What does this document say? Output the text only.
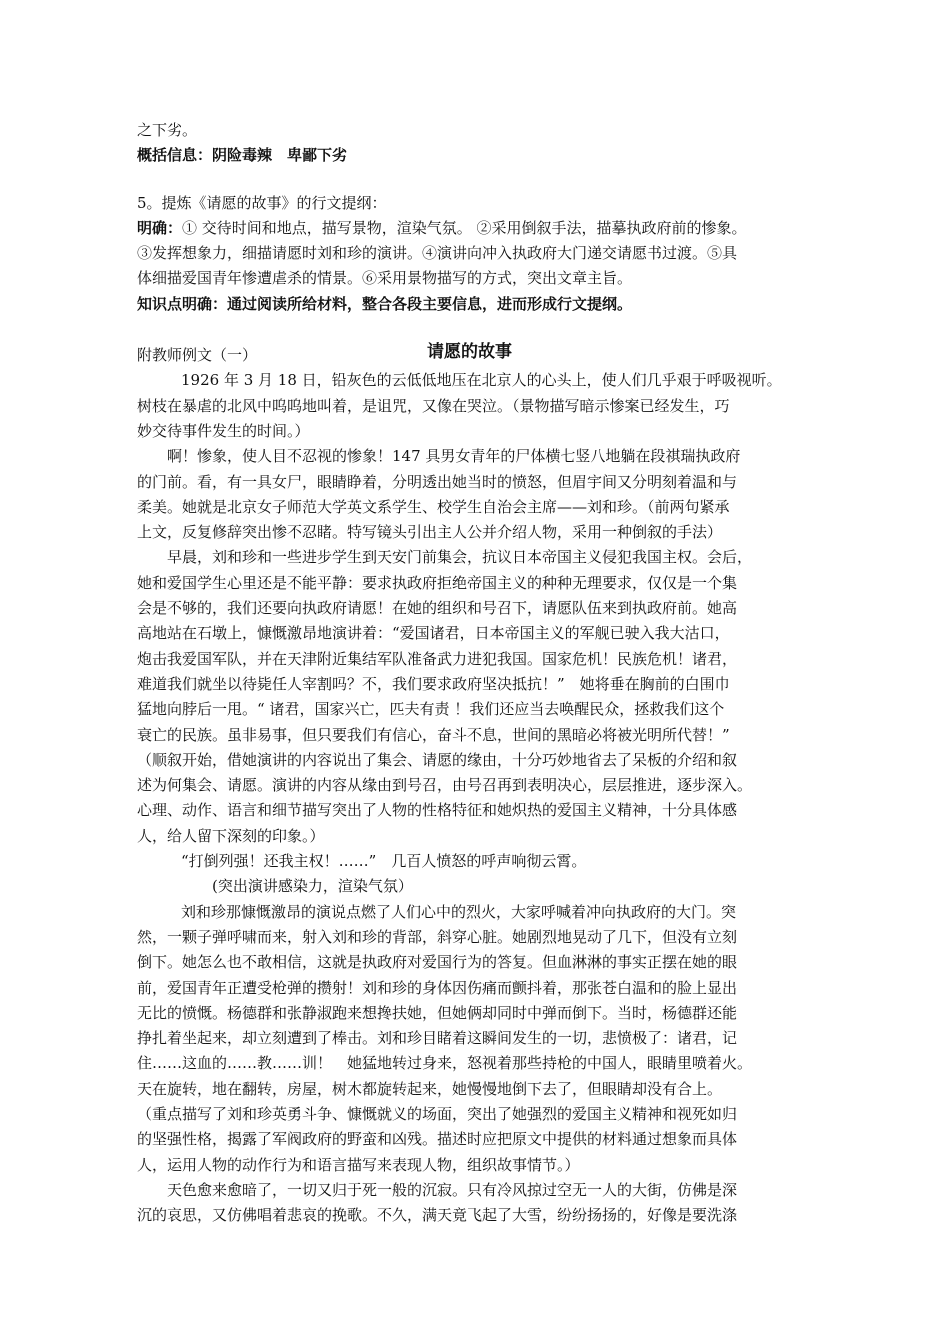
之下劣。
概括信息：阴险毒辣　卑鄙下劣
5。提炼《请愿的故事》的行文提纲：
明确：① 交待时间和地点，描写景物，渲染气氛。 ②采用倒叙手法，描摹执政府前的惨象。
③发挥想象力，细描请愿时刘和珍的演讲。④演讲向冲入执政府大门递交请愿书过渡。⑤具
体细描爱国青年惨遭虐杀的情景。⑥采用景物描写的方式，突出文章主旨。
知识点明确：通过阅读所给材料，整合各段主要信息，进而形成行文提纲。
附教师例文（一）	请愿的故事
1926 年 3 月 18 日，铅灰色的云低低地压在北京人的心头上，使人们几乎艰于呼吸视听。
树枝在暴虐的北风中呜呜地叫着，是诅咒，又像在哭泣。（景物描写暗示惨案已经发生，巧
妙交待事件发生的时间。）
啊！惨象，使人目不忍视的惨象！147 具男女青年的尸体横七竖八地躺在段祺瑞执政府
的门前。看，有一具女尸，眼睛睁着，分明透出她当时的愤怒，但眉宇间又分明刻着温和与
柔美。她就是北京女子师范大学英文系学生、校学生自治会主席——刘和珍。（前两句紧承
上文，反复修辞突出惨不忍睹。特写镜头引出主人公并介绍人物，采用一种倒叙的手法）
早晨，刘和珍和一些进步学生到天安门前集会，抗议日本帝国主义侵犯我国主权。会后，
她和爱国学生心里还是不能平静：要求执政府拒绝帝国主义的种种无理要求，仅仅是一个集
会是不够的，我们还要向执政府请愿！在她的组织和号召下，请愿队伍来到执政府前。她高
高地站在石墩上，慷慨激昂地演讲着：“爱国诸君，日本帝国主义的军舰已驶入我大沽口，
炮击我爱国军队，并在天津附近集结军队准备武力进犯我国。国家危机！民族危机！诸君，
难道我们就坐以待毙任人宰割吗？不，我们要求政府坚决抵抗！”　她将垂在胸前的白围巾
猛地向脖后一甩。“ 诸君，国家兴亡，匹夫有责 ！我们还应当去唤醒民众，拯救我们这个
衰亡的民族。虽非易事，但只要我们有信心，奋斗不息，世间的黑暗必将被光明所代替！”
（顺叙开始，借她演讲的内容说出了集会、请愿的缘由，十分巧妙地省去了呆板的介绍和叙
述为何集会、请愿。演讲的内容从缘由到号召，由号召再到表明决心，层层推进，逐步深入。
心理、动作、语言和细节描写突出了人物的性格特征和她炽热的爱国主义精神，十分具体感
人，给人留下深刻的印象。）
“打倒列强！还我主权！……”　几百人愤怒的呼声响彻云霄。
(突出演讲感染力，渲染气氛）
刘和珍那慷慨激昂的演说点燃了人们心中的烈火，大家呼喊着冲向执政府的大门。突
然，一颗子弹呼啸而来，射入刘和珍的背部，斜穿心脏。她剧烈地晃动了几下，但没有立刻
倒下。她怎么也不敢相信，这就是执政府对爱国行为的答复。但血淋淋的事实正摆在她的眼
前，爱国青年正遭受枪弹的攒射！刘和珍的身体因伤痛而颤抖着，那张苍白温和的脸上显出
无比的愤慨。杨德群和张静淑跑来想搀扶她，但她俩却同时中弹而倒下。当时，杨德群还能
挣扎着坐起来，却立刻遭到了棒击。刘和珍目睹着这瞬间发生的一切，悲愤极了：诸君，记
住……这血的……教……训！　她猛地转过身来，怒视着那些持枪的中国人，眼睛里喷着火。
天在旋转，地在翻转，房屋，树木都旋转起来，她慢慢地倒下去了，但眼睛却没有合上。
（重点描写了刘和珍英勇斗争、慷慨就义的场面，突出了她强烈的爱国主义精神和视死如归
的坚强性格，揭露了军阀政府的野蛮和凶残。描述时应把原文中提供的材料通过想象而具体
人，运用人物的动作行为和语言描写来表现人物，组织故事情节。）
天色愈来愈暗了，一切又归于死一般的沉寂。只有冷风掠过空无一人的大街，仿佛是深
沉的哀思，又仿佛唱着悲哀的挽歌。不久，满天竟飞起了大雪，纷纷扬扬的，好像是要洗涤
